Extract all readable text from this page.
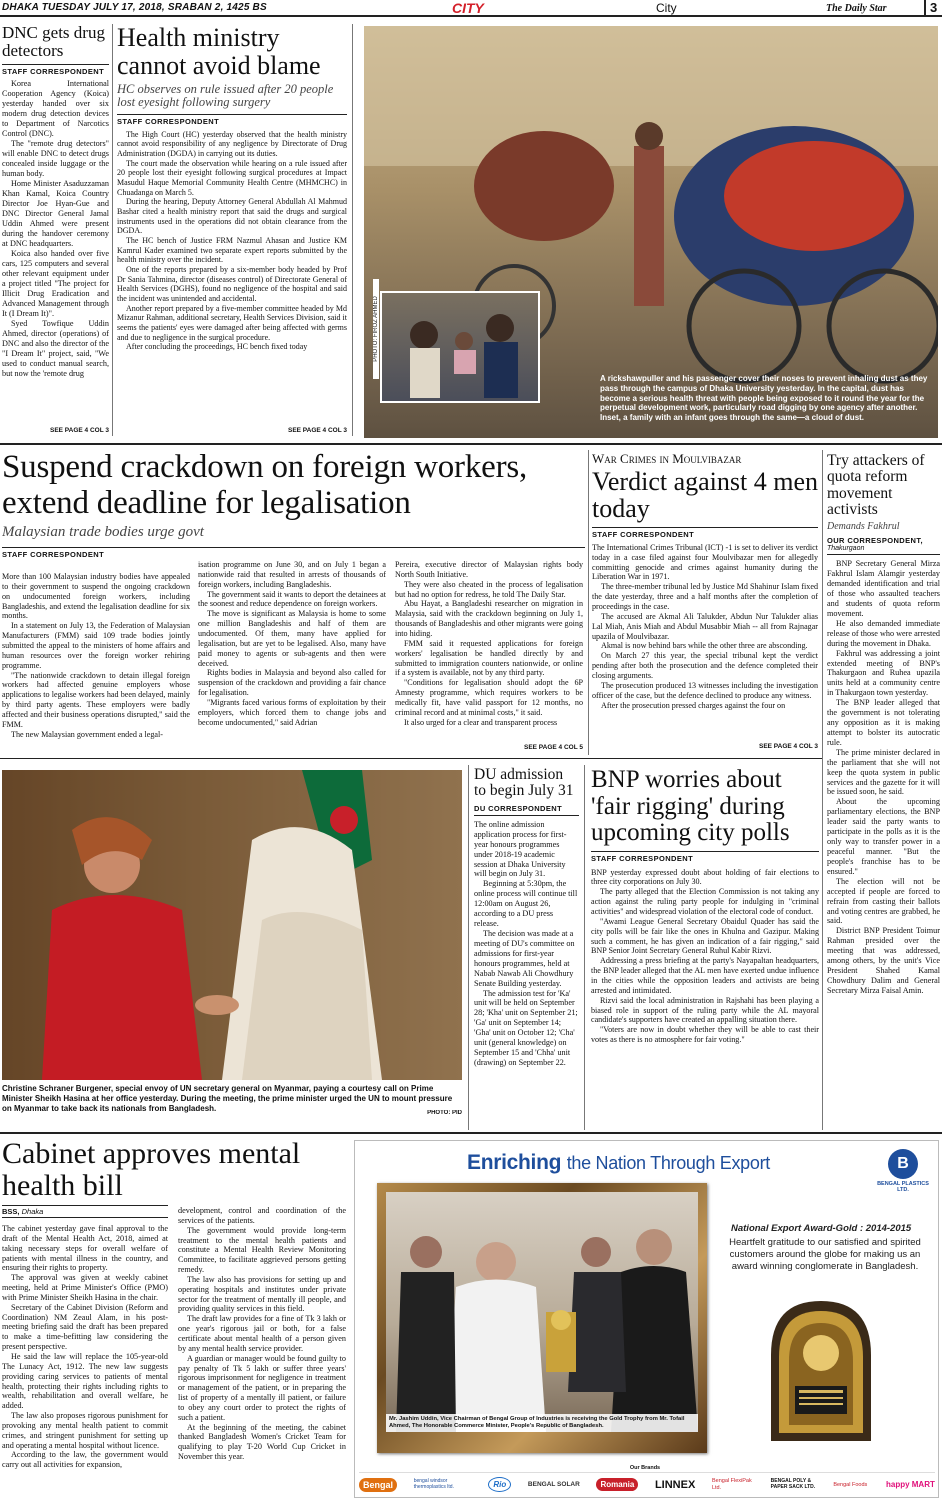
DHAKA TUESDAY JULY 17, 2018, SRABAN 2, 1425 BS	CITY	City	The Daily Star	3
DNC gets drug detectors
STAFF CORRESPONDENT

Korea International Cooperation Agency (Koica) yesterday handed over six modern drug detection devices to Department of Narcotics Control (DNC).

The "remote drug detectors" will enable DNC to detect drugs concealed inside luggage or the human body.

Home Minister Asaduzzaman Khan Kamal, Koica Country Director Joe Hyan-Gue and DNC Director General Jamal Uddin Ahmed were present during the handover ceremony at DNC headquarters.

Koica also handed over five cars, 125 computers and several other relevant equipment under a project titled "The project for Illicit Drug Eradication and Advanced Management through It (I Dream It)".

Syed Towfique Uddin Ahmed, director (operations) of DNC and also the director of the "I Dream It" project, said, "We used to conduct manual search, but now the 'remote drug

SEE PAGE 4 COL 3
Health ministry cannot avoid blame
HC observes on rule issued after 20 people lost eyesight following surgery
STAFF CORRESPONDENT

The High Court (HC) yesterday observed that the health ministry cannot avoid responsibility of any negligence by Directorate of Drug Administration (DGDA) in carrying out its duties.

The court made the observation while hearing on a rule issued after 20 people lost their eyesight following surgical procedures at Impact Masudul Haque Memorial Community Health Centre (MHMCHC) in Chuadanga on March 5.

During the hearing, Deputy Attorney General Abdullah Al Mahmud Bashar cited a health ministry report that said the drugs and surgical instruments used in the operations did not obtain clearance from the DGDA.

The HC bench of Justice FRM Nazmul Ahasan and Justice KM Kamrul Kader examined two separate expert reports submitted by the health ministry over the incident.

One of the reports prepared by a six-member body headed by Prof Dr Sania Tahmina, director (diseases control) of Directorate General of Health Services (DGHS), found no negligence of the hospital and said the incident was unintended and accidental.

Another report prepared by a five-member committee headed by Md Mizanur Rahman, additional secretary, Health Services Division, said it seems the patients' eyes were damaged after being affected with germs and due to negligence in the surgical procedure.

After concluding the proceedings, HC bench fixed today

SEE PAGE 4 COL 3
PHOTO: FIROZ AHMED
A rickshawpuller and his passenger cover their noses to prevent inhaling dust as they pass through the campus of Dhaka University yesterday. In the capital, dust has become a serious health threat with people being exposed to it round the year for the perpetual development work, particularly road digging by one agency after another. Inset, a family with an infant goes through the same—a cloud of dust.
Suspend crackdown on foreign workers, extend deadline for legalisation
Malaysian trade bodies urge govt
STAFF CORRESPONDENT

More than 100 Malaysian industry bodies have appealed to their government to suspend the ongoing crackdown on undocumented foreign workers, including Bangladeshis, and extend the legalisation deadline for six months.

In a statement on July 13, the Federation of Malaysian Manufacturers (FMM) said 109 trade bodies jointly submitted the appeal to the ministers of home affairs and human resources over the foreign worker rehiring programme.

"The nationwide crackdown to detain illegal foreign workers had affected genuine employers whose applications to legalise workers had been delayed, mainly by third party agents. These employers were badly affected and their business operations disrupted," said the FMM.

The new Malaysian government ended a legal-

isation programme on June 30, and on July 1 began a nationwide raid that resulted in arrests of thousands of foreign workers, including Bangladeshis.

The government said it wants to deport the detainees at the soonest and reduce dependence on foreign workers.

The move is significant as Malaysia is home to some one million Bangladeshis and half of them are undocumented. Of them, many have applied for legalisation, but are yet to be legalised. Also, many have paid money to agents or sub-agents and then were deceived.

Rights bodies in Malaysia and beyond also called for suspension of the crackdown and providing a fair chance for legalisation.

"Migrants faced various forms of exploitation by their employers, which forced them to change jobs and become undocumented," said Adrian

Pereira, executive director of Malaysian rights body North South Initiative.

They were also cheated in the process of legalisation but had no option for redress, he told The Daily Star.

Abu Hayat, a Bangladeshi researcher on migration in Malaysia, said with the crackdown beginning on July 1, thousands of Bangladeshis and other migrants were going into hiding.

FMM said it requested applications for foreign workers' legalisation be handled directly by and submitted to immigration counters nationwide, or online if a system is available, not by any third party.

"Conditions for legalisation should adopt the 6P Amnesty programme, which requires workers to be medically fit, have valid passport for 12 months, no criminal record and at minimal costs," it said.

It also urged for a clear and transparent process

SEE PAGE 4 COL 5
War Crimes in Moulvibazar
Verdict against 4 men today
STAFF CORRESPONDENT

The International Crimes Tribunal (ICT) -1 is set to deliver its verdict today in a case filed against four Moulvibazar men for allegedly committing genocide and crimes against humanity during the Liberation War in 1971.

The three-member tribunal led by Justice Md Shahinur Islam fixed the date yesterday, three and a half months after the completion of proceedings in the case.

The accused are Akmal Ali Talukder, Abdun Nur Talukder alias Lal Miah, Anis Miah and Abdul Musabbir Miah -- all from Rajnagar upazila of Moulvibazar.

Akmal is now behind bars while the other three are absconding.

On March 27 this year, the special tribunal kept the verdict pending after both the prosecution and the defence completed their closing arguments.

The prosecution produced 13 witnesses including the investigation officer of the case, but the defence declined to produce any witness.

After the prosecution pressed charges against the four on

SEE PAGE 4 COL 3
Try attackers of quota reform movement activists
Demands Fakhrul
OUR CORRESPONDENT,
Thakurgaon

BNP Secretary General Mirza Fakhrul Islam Alamgir yesterday demanded identification and trial of those who assaulted teachers and students of quota reform movement.

He also demanded immediate release of those who were arrested during the movement in Dhaka.

Fakhrul was addressing a joint extended meeting of BNP's Thakurgaon and Ruhea upazila units held at a community centre in Thakurgaon town yesterday.

The BNP leader alleged that the government is not tolerating any opposition as it is making attempt to bolster its autocratic rule.

The prime minister declared in the parliament that she will not keep the quota system in public services and the gazette for it will be issued soon, he said.

About the upcoming parliamentary elections, the BNP leader said the party wants to participate in the polls as it is the only way to transfer power in a peaceful manner. "But the people's franchise has to be ensured."

The election will not be accepted if people are forced to refrain from casting their ballots and voting centres are grabbed, he said.

District BNP President Toimur Rahman presided over the meeting that was addressed, among others, by the unit's Vice President Shahed Kamal Chowdhury Dalim and General Secretary Mirza Faisal Amin.

Christine Schraner Burgener, special envoy of UN secretary general on Myanmar, paying a courtesy call on Prime Minister Sheikh Hasina at her office yesterday. During the meeting, the prime minister urged the UN to mount pressure on Myanmar to take back its nationals from Bangladesh.	PHOTO: PID
DU admission to begin July 31
DU CORRESPONDENT

The online admission application process for first-year honours programmes under 2018-19 academic session at Dhaka University will begin on July 31.

Beginning at 5:30pm, the online process will continue till 12:00am on August 26, according to a DU press release.

The decision was made at a meeting of DU's committee on admissions for first-year honours programmes, held at Nabab Nawab Ali Chowdhury Senate Building yesterday.

The admission test for 'Ka' unit will be held on September 28; 'Kha' unit on September 21; 'Ga' unit on September 14; 'Gha' unit on October 12; 'Cha' unit (general knowledge) on September 15 and 'Chha' unit (drawing) on September 22.

BNP worries about 'fair rigging' during upcoming city polls
STAFF CORRESPONDENT

BNP yesterday expressed doubt about holding of fair elections to three city corporations on July 30.

The party alleged that the Election Commission is not taking any action against the ruling party people for indulging in "criminal activities" and widespread violation of the electoral code of conduct.

"Awami League General Secretary Obaidul Quader has said the city polls will be fair like the ones in Khulna and Gazipur. Making such a comment, he has given an indication of a fair rigging," said BNP Senior Joint Secretary General Ruhul Kabir Rizvi.

Addressing a press briefing at the party's Nayapaltan headquarters, the BNP leader alleged that the AL men have exerted undue influence in the cities while the opposition leaders and activists are being arrested and intimidated.

Rizvi said the local administration in Rajshahi has been playing a biased role in support of the ruling party while the AL mayoral candidate's supporters have created an appalling situation there.

"Voters are now in doubt whether they will be able to cast their votes as there is no atmosphere for fair voting."

Cabinet approves mental health bill
BSS, Dhaka

The cabinet yesterday gave final approval to the draft of the Mental Health Act, 2018, aimed at taking necessary steps for overall welfare of patients with mental illness in the country, and ensuring their rights to property.

The approval was given at weekly cabinet meeting, held at Prime Minister's Office (PMO) with Prime Minister Sheikh Hasina in the chair.

Secretary of the Cabinet Division (Reform and Coordination) NM Zeaul Alam, in his post-meeting briefing said the draft has been prepared to make a time-befitting law considering the present perspective.

He said the law will replace the 105-year-old The Lunacy Act, 1912. The new law suggests providing caring services to patients of mental health, protecting their rights including rights to wealth, rehabilitation and overall welfare, he added.

The law also proposes rigorous punishment for provoking any mental health patient to commit crimes, and stringent punishment for setting up and operating a mental hospital without licence.

According to the law, the government would carry out all activities for expansion,

development, control and coordination of the services of the patients.

The government would provide long-term treatment to the mental health patients and constitute a Mental Health Review Monitoring Committee, to facilitate aggrieved persons getting remedy.

The law also has provisions for setting up and operating hospitals and institutes under private sector for the treatment of mentally ill people, and providing quality services in this field.

The draft law provides for a fine of Tk 3 lakh or one year's rigorous jail or both, for a false certificate about mental health of a person given by any mental health service provider.

A guardian or manager would be found guilty to pay penalty of Tk 5 lakh or suffer three years' rigorous imprisonment for negligence in treatment or management of the patient, or in preparing the list of property of a mentally ill patient, or failure to obey any court order to protect the rights of such a patient.

At the beginning of the meeting, the cabinet thanked Bangladesh Women's Cricket Team for qualifying to play T-20 World Cup Cricket in November this year.

Enriching the Nation Through Export	B
BENGAL PLASTICS LTD.
Mr. Jashim Uddin, Vice Chairman of Bengal Group of Industries is receiving the Gold Trophy from Mr. Tofail Ahmed, The Honorable Commerce Minister, People's Republic of Bangladesh.
National Export Award-Gold : 2014-2015
Heartfelt gratitude to our satisfied and spirited customers around the globe for making us an award winning conglomerate in Bangladesh.
Our Brands
Bengal	bengal windsor thermoplastics ltd.	Rio	BENGAL SOLAR	Romania	LINNEX	Bengal FlexiPak Ltd.
BENGAL POLY & PAPER SACK LTD.	Bengal Foods happy MART
